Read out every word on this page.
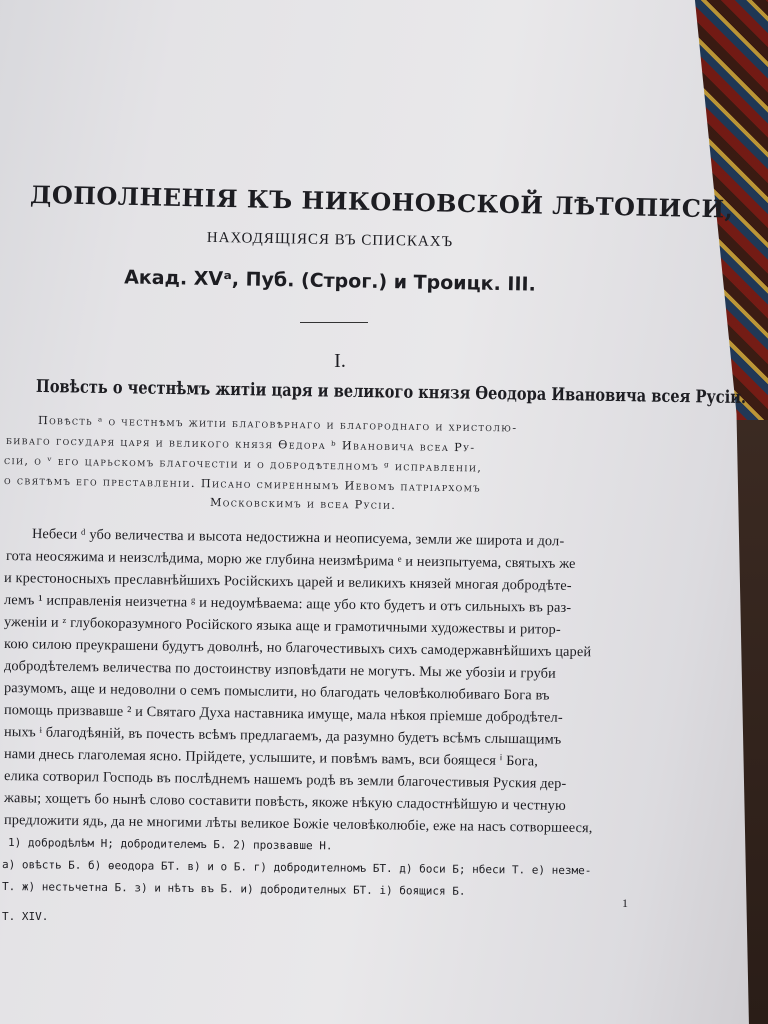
ДОПОЛНЕНІЯ КЪ НИКОНОВСКОЙ ЛѢТОПИСИ,
НАХОДЯЩІЯСЯ ВЪ СПИСКАХЪ
Акад. XVᵃ, Пуб. (Строг.) и Троицк. III.
I.
Повѣсть о честнѣмъ житіи царя и великого князя Ѳеодора Ивановича всея Русіи.
Повѣсть ᵃ о честнѣмъ житіи благовѣрнаго и благороднаго и христолю-
биваго государя царя и великого князя Ѳедора ᵇ Ивановича всеа Ру-
сіи, о ᵛ его царьскомъ благочестіи и о добродѣтелномъ ᵍ исправленіи,
о святѣмъ его преставленіи. Писано смиреннымъ Иевомъ патріархомъ
Московскимъ и всеа Русіи.
Небеси ᵈ убо величества и высота недостижна и неописуема, земли же широта и дол-
гота неосяжима и неизслѣдима, морю же глубина неизмѣрима ᵉ и неизпытуема, святыхъ же
и крестоносныхъ преславнѣйшихъ Російскихъ царей и великихъ князей многая добродѣте-
лемъ ¹ исправленія неизчетна ᵍ и недоумѣваема: аще убо кто будетъ и отъ сильныхъ въ раз-
уженіи и ᶻ глубокоразумного Російского языка аще и грамотичными художествы и ритор-
кою силою преукрашени будутъ доволнѣ, но благочестивыхъ сихъ самодержавнѣйшихъ царей
добродѣтелемъ величества по достоинству изповѣдати не могутъ. Мы же убозіи и груби
разумомъ, аще и недоволни о семъ помыслити, но благодать человѣколюбиваго Бога въ
помощь призвавше ² и Святаго Духа наставника имуще, мала нѣкоя пріемше добродѣтел-
ныхъ ᶤ благодѣяній, въ почесть всѣмъ предлагаемъ, да разумно будетъ всѣмъ слышащимъ
нами днесь глаголемая ясно. Прійдете, услышите, и повѣмъ вамъ, вси боящеся ⁱ Бога,
елика сотворил Господь въ послѣднемъ нашемъ родѣ въ земли благочестивыя Руския дер-
жавы; хощетъ бо нынѣ слово составити повѣсть, якоже нѣкую сладостнѣйшую и честную
предложити ядь, да не многими лѣты великое Божіе человѣколюбіе, еже на насъ сотворшееся,
1) добродѣлѣм Н; добродителемъ Б. 2) прозвавше Н.
а) овѣсть Б. б) ѳеодора БТ. в) и о Б. г) добродителномъ БТ. д) боси Б; нбеси Т. е) незме-
Т. ж) нестьчетна Б. з) и нѣтъ въ Б. и) добродителных БТ. і) боящися Б.
1
Т. XIV.
